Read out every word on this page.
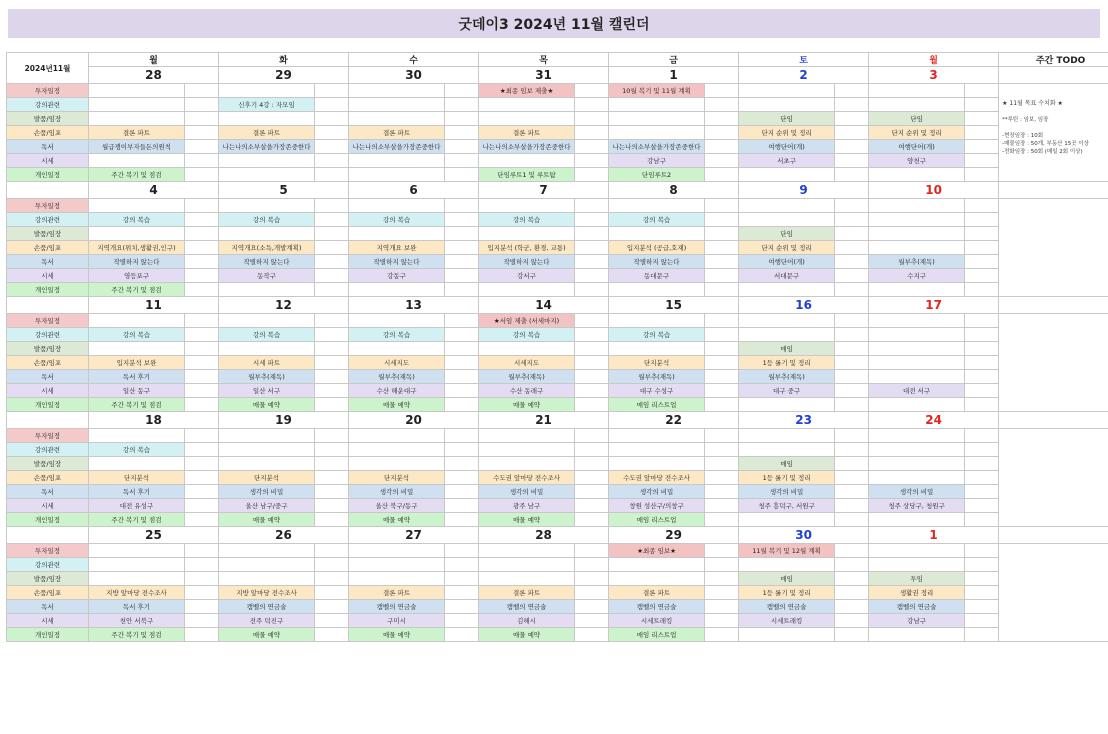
굿데이3 2024년 11월 캘린더
2024년11월	월		화		수		목		금		토		월		주간 TODO
	28		29		30		31		1		2		3		
투자일정							★최종 임보 제출★		10월 복기 및 11월 계획						★ 11월 목표 수치화 ★
**루틴 : 임보, 임장
-현장임장 : 10회
-매물임장 : 50개, 부동산 15곳 이상
-전화임장 : 50회 (매일 2회 이상)

강의관련			신후기 4강 : 자모임												
발품/임장											단임		단임		
손품/임포	결론 파트		결론 파트		결론 파트		결론 파트				단지 순위 및 정리		단지 순위 및 정리		
독서	월급쟁이부자들돈의원칙		나는나의소부살을가장존중한다		나는나의소부살을가장존중한다		나는나의소부살을가장존중한다		나는나의소부살을가장존중한다		여행단어(개)		여행단어(개)		
시세									강남구		서초구		양천구		
개인일정	주간 복기 및 점검						단임루트1 및 루트탐		단임루트2						
	4		5		6		7		8		9		10		
투자일정															
강의관련	강의 복습		강의 복습		강의 복습		강의 복습		강의 복습						
발품/임장											단임				
손품/임포	지역개요(위치,생활권,인구)		지역개요(소득,개발계획)		지역개요 보완		입지분석 (학군, 환경, 교통)		입지분석 (공급,호재)		단지 순위 및 정리				
독서	작별하지 않는다		작별하지 않는다		작별하지 않는다		작별하지 않는다		작별하지 않는다		여행단어(개)		월부추(재독)		
시세	영등포구		동작구		강동구		강서구		동대문구		서대문구		수지구		
개인일정	주간 복기 및 점검														
	11		12		13		14		15		16		17		
투자일정							★서임 제출 (서세마지)								
강의관련	강의 복습		강의 복습		강의 복습		강의 복습		강의 복습						
발품/임장											매임				
손품/임포	입지분석 보완		시세 파트		시세지도		시세지도		단지분석		1등 롤기 및 정리				
독서	독서 후기		월부추(재독)		월부추(재독)		월부추(재독)		월부추(재독)		월부추(재독)				
시세	일산 동구		일산 서구		수산 해운대구		수산 동래구		대구 수성구		대구 중구		대전 서구		
개인일정	주간 복기 및 점검		매물 예약		매물 예약		매물 예약		매임 리스트업						
	18		19		20		21		22		23		24		
투자일정															
강의관련	강의 복습														
발품/임장											매임				
손품/임포	단지분석		단지분석		단지분석		수도권 앞마당 전수조사		수도권 앞마당 전수조사		1등 롤기 및 정리				
독서	독서 후기		생각의 비밀		생각의 비밀		생각의 비밀		생각의 비밀		생각의 비밀		생각의 비밀		
시세	대전 유성구		울산 남구/중구		울산 북구/동구		광주 남구		창원 성산구/의창구		청주 흥덕구, 서원구		청주 상당구, 청원구		
개인일정	주간 복기 및 점검		매물 예약		매물 예약		매물 예약		매임 리스트업						
	25		26		27		28		29		30		1		
투자일정									★최종 임보★		11월 복기 및 12월 계획				
강의관련															
발품/임장											매임		투임		
손품/임포	지방 앞마당 전수조사		지방 앞마당 전수조사		결론 파트		결론 파트		결론 파트		1등 롤기 및 정리		생활권 정리		
독서	독서 후기		캠벨의 연금술		캠벨의 연금술		캠벨의 연금술		캠벨의 연금술		캠벨의 연금술		캠벨의 연금술		
시세	천안 서북구		전주 덕진구		구미시		김해시		시세트래킹		시세트래킹		강남구		
개인일정	주간 복기 및 점검		매물 예약		매물 예약		매물 예약		매임 리스트업						
